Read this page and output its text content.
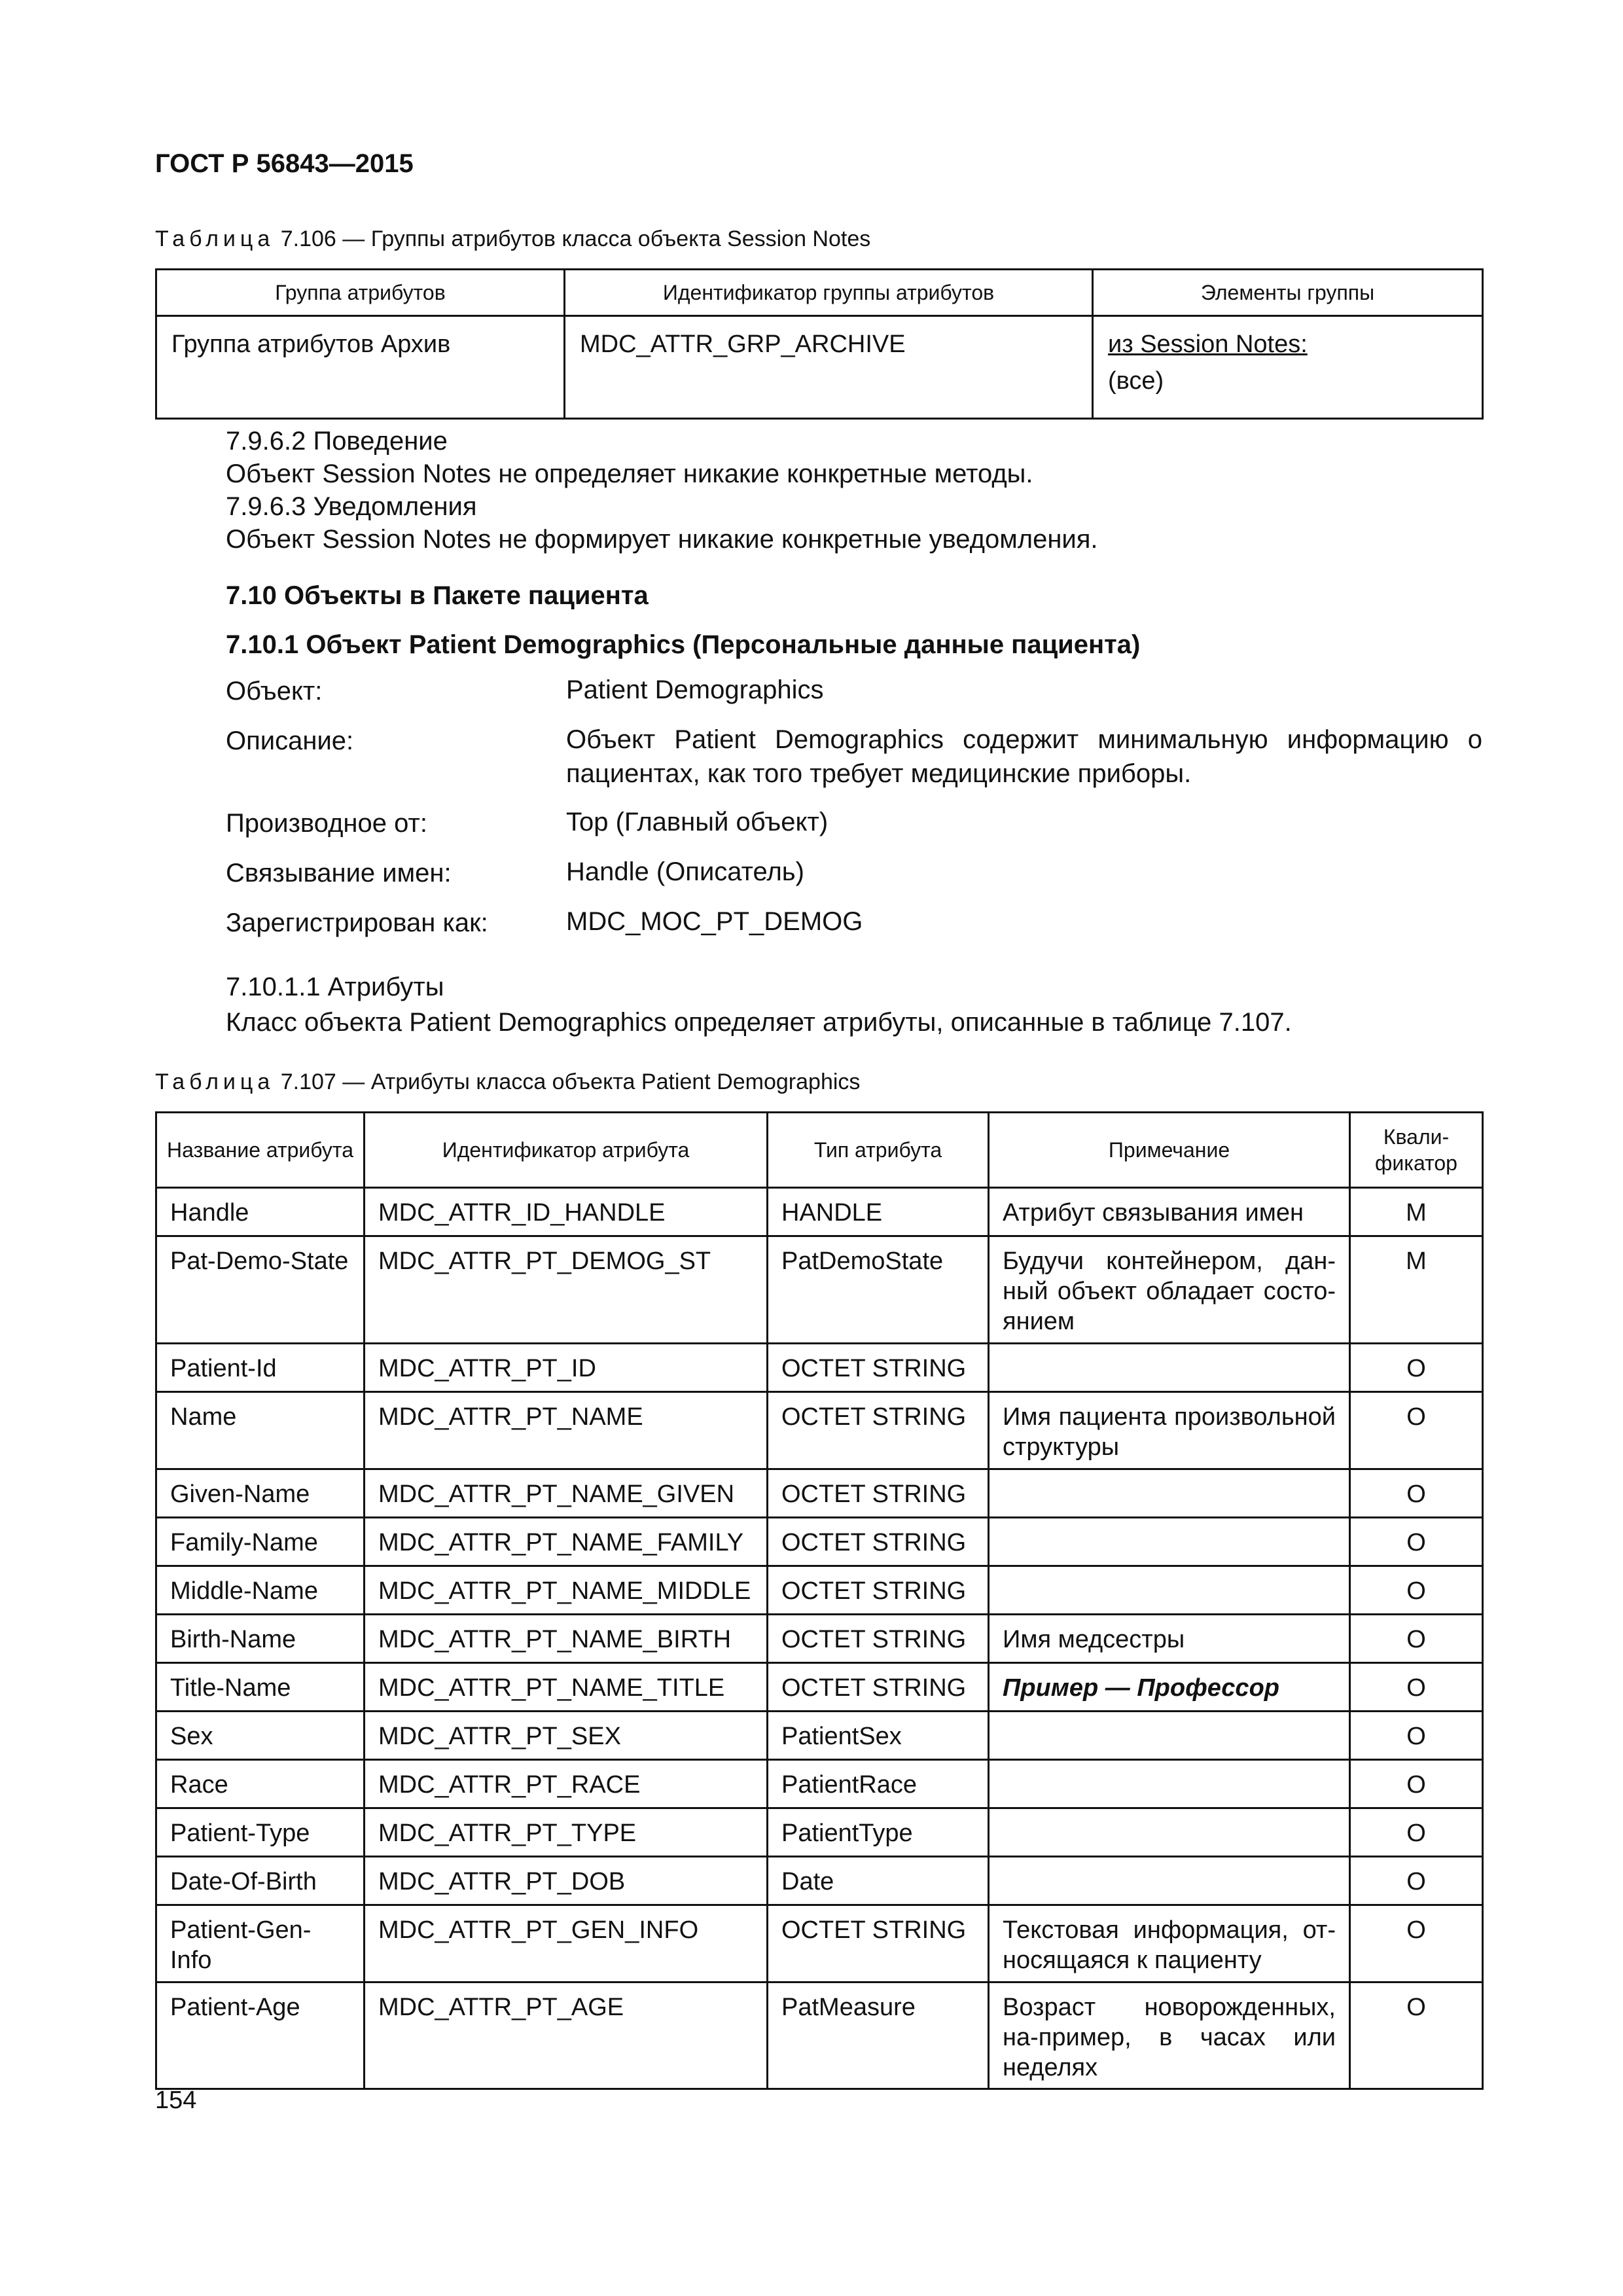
ГОСТ Р 56843—2015
Таблица 7.106 — Группы атрибутов класса объекта Session Notes
Группа атрибутов	Идентификатор группы атрибутов	Элементы группы
Группа атрибутов Архив	MDC_ATTR_GRP_ARCHIVE	из Session Notes:
(все)
7.9.6.2 Поведение
Объект Session Notes не определяет никакие конкретные методы.
7.9.6.3 Уведомления
Объект Session Notes не формирует никакие конкретные уведомления.
7.10 Объекты в Пакете пациента
7.10.1 Объект Patient Demographics (Персональные данные пациента)
Объект:	Patient Demographics
Описание:	Объект Patient Demographics содержит минимальную информацию о пациентах, как того требует медицинские приборы.
Производное от:	Top (Главный объект)
Связывание имен:	Handle (Описатель)
Зарегистрирован как:	MDC_MOC_PT_DEMOG
7.10.1.1 Атрибуты
Класс объекта Patient Demographics определяет атрибуты, описанные в таблице 7.107.
Таблица 7.107 — Атрибуты класса объекта Patient Demographics
Название атрибута	Идентификатор атрибута	Тип атрибута	Примечание	Квали-фикатор
Handle	MDC_ATTR_ID_HANDLE	HANDLE	Атрибут связывания имен	M
Pat-Demo-State	MDC_ATTR_PT_DEMOG_ST	PatDemoState	Будучи контейнером, дан-ный объект обладает состо-янием	M
Patient-Id	MDC_ATTR_PT_ID	OCTET STRING		O
Name	MDC_ATTR_PT_NAME	OCTET STRING	Имя пациента произвольной структуры	O
Given-Name	MDC_ATTR_PT_NAME_GIVEN	OCTET STRING		O
Family-Name	MDC_ATTR_PT_NAME_FAMILY	OCTET STRING		O
Middle-Name	MDC_ATTR_PT_NAME_MIDDLE	OCTET STRING		O
Birth-Name	MDC_ATTR_PT_NAME_BIRTH	OCTET STRING	Имя медсестры	O
Title-Name	MDC_ATTR_PT_NAME_TITLE	OCTET STRING	Пример — Профессор	O
Sex	MDC_ATTR_PT_SEX	PatientSex		O
Race	MDC_ATTR_PT_RACE	PatientRace		O
Patient-Type	MDC_ATTR_PT_TYPE	PatientType		O
Date-Of-Birth	MDC_ATTR_PT_DOB	Date		O
Patient-Gen-Info	MDC_ATTR_PT_GEN_INFO	OCTET STRING	Текстовая информация, от-носящаяся к пациенту	O
Patient-Age	MDC_ATTR_PT_AGE	PatMeasure	Возраст новорожденных, на-пример, в часах или неделях	O
154
